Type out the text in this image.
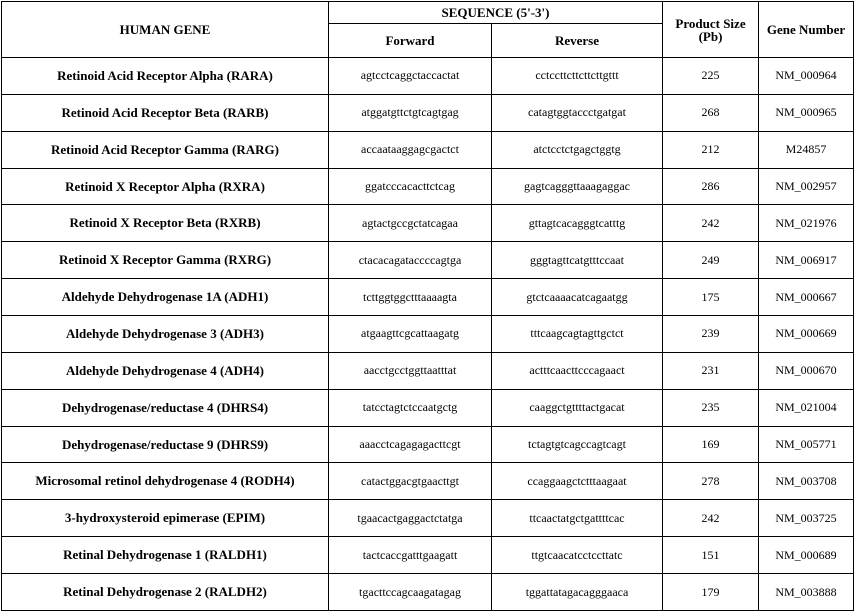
HUMAN GENE	SEQUENCE (5'-3')		Product Size (Pb)	Gene Number
	Forward	Reverse		
Retinoid Acid Receptor Alpha (RARA)	agtcctcaggctaccactat	cctccttcttcttcttgttt	225	NM_000964
Retinoid Acid Receptor Beta (RARB)	atggatgttctgtcagtgag	catagtggtaccctgatgat	268	NM_000965
Retinoid Acid Receptor Gamma (RARG)	accaataaggagcgactct	atctcctctgagctggtg	212	M24857
Retinoid X Receptor Alpha (RXRA)	ggatcccacacttctcag	gagtcagggttaaagaggac	286	NM_002957
Retinoid X Receptor Beta (RXRB)	agtactgccgctatcagaa	gttagtcacagggtcatttg	242	NM_021976
Retinoid X Receptor Gamma (RXRG)	ctacacagataccccagtga	gggtagttcatgtttccaat	249	NM_006917
Aldehyde Dehydrogenase 1A (ADH1)	tcttggtggctttaaaagta	gtctcaaaacatcagaatgg	175	NM_000667
Aldehyde Dehydrogenase 3 (ADH3)	atgaagttcgcattaagatg	tttcaagcagtagttgctct	239	NM_000669
Aldehyde Dehydrogenase 4 (ADH4)	aacctgcctggttaatttat	actttcaacttcccagaact	231	NM_000670
Dehydrogenase/reductase 4 (DHRS4)	tatcctagtctccaatgctg	caaggctgttttactgacat	235	NM_021004
Dehydrogenase/reductase 9 (DHRS9)	aaacctcagagagacttcgt	tctagtgtcagccagtcagt	169	NM_005771
Microsomal retinol dehydrogenase 4 (RODH4)	catactggacgtgaacttgt	ccaggaagctctttaagaat	278	NM_003708
3-hydroxysteroid epimerase (EPIM)	tgaacactgaggactctatga	ttcaactatgctgattttcac	242	NM_003725
Retinal Dehydrogenase 1 (RALDH1)	tactcaccgatttgaagatt	ttgtcaacatcctccttatc	151	NM_000689
Retinal Dehydrogenase 2 (RALDH2)	tgacttccagcaagatagag	tggattatagacagggaaca	179	NM_003888
